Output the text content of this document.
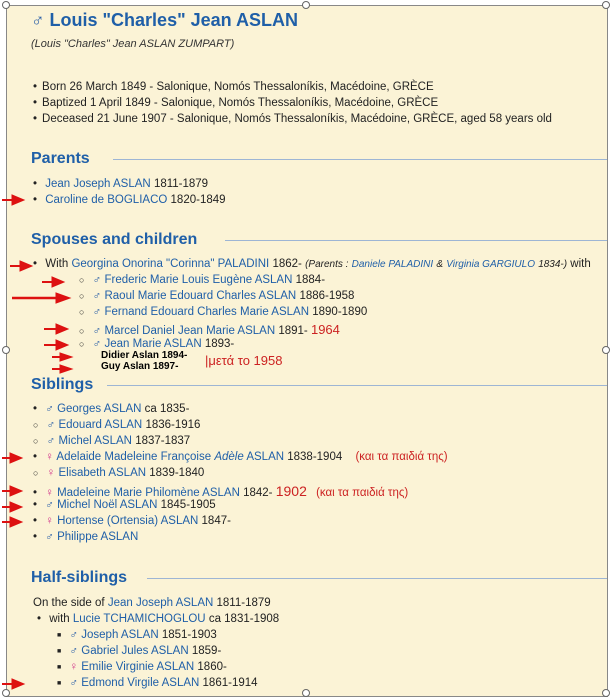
♂ Louis "Charles" Jean ASLAN
(Louis "Charles" Jean ASLAN ZUMPART)
• Born 26 March 1849 - Salonique, Nomós Thessaloníkis, Macédoine, GRÈCE
• Baptized 1 April 1849 - Salonique, Nomós Thessaloníkis, Macédoine, GRÈCE
• Deceased 21 June 1907 - Salonique, Nomós Thessaloníkis, Macédoine, GRÈCE, aged 58 years old
Parents
• Jean Joseph ASLAN 1811-1879
• Caroline de BOGLIACO 1820-1849
Spouses and children
• With Georgina Onorina "Corinna" PALADINI 1862- (Parents : Daniele PALADINI & Virginia GARGIULO 1834-) with
○ ♂ Frederic Marie Louis Eugène ASLAN 1884-
○ ♂ Raoul Marie Edouard Charles ASLAN 1886-1958
○ ♂ Fernand Edouard Charles Marie ASLAN 1890-1890
○ ♂ Marcel Daniel Jean Marie ASLAN 1891- 1964
○ ♂ Jean Marie ASLAN 1893-
Didier Aslan 1894-
Guy Aslan 1897- |μετά το 1958
Siblings
• ♂ Georges ASLAN ca 1835-
○ ♂ Edouard ASLAN 1836-1916
○ ♂ Michel ASLAN 1837-1837
• ♀ Adelaide Madeleine Françoise Adèle ASLAN 1838-1904 (και τα παιδιά της)
○ ♀ Elisabeth ASLAN 1839-1840
• ♀ Madeleine Marie Philomène ASLAN 1842- 1902 (και τα παιδιά της)
• ♂ Michel Noël ASLAN 1845-1905
• ♀ Hortense (Ortensia) ASLAN 1847-
• ♂ Philippe ASLAN
Half-siblings
On the side of Jean Joseph ASLAN 1811-1879
• with Lucie TCHAMICHOGLOU ca 1831-1908
■ ♂ Joseph ASLAN 1851-1903
■ ♂ Gabriel Jules ASLAN 1859-
■ ♀ Emilie Virginie ASLAN 1860-
■ ♂ Edmond Virgile ASLAN 1861-1914
